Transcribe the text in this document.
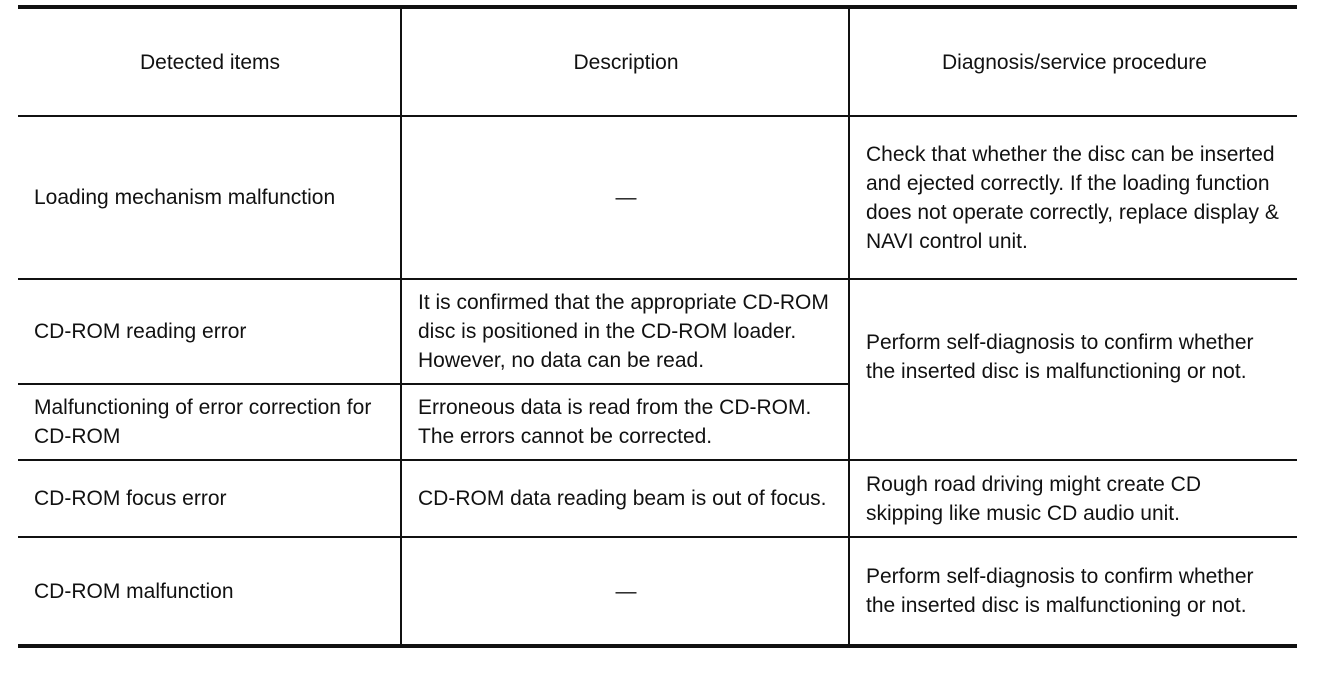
Detected items	Description	Diagnosis/service procedure

Loading mechanism malfunction	—	Check that whether the disc can be inserted and ejected correctly. If the loading function does not operate correctly, replace display & NAVI control unit.

CD-ROM reading error	It is confirmed that the appropriate CD-ROM disc is positioned in the CD-ROM loader. However, no data can be read.	Perform self-diagnosis to confirm whether the inserted disc is malfunctioning or not.

Malfunctioning of error correction for CD-ROM	Erroneous data is read from the CD-ROM. The errors cannot be corrected.	

CD-ROM focus error	CD-ROM data reading beam is out of focus.	Rough road driving might create CD skipping like music CD audio unit.

CD-ROM malfunction	—	Perform self-diagnosis to confirm whether the inserted disc is malfunctioning or not.
